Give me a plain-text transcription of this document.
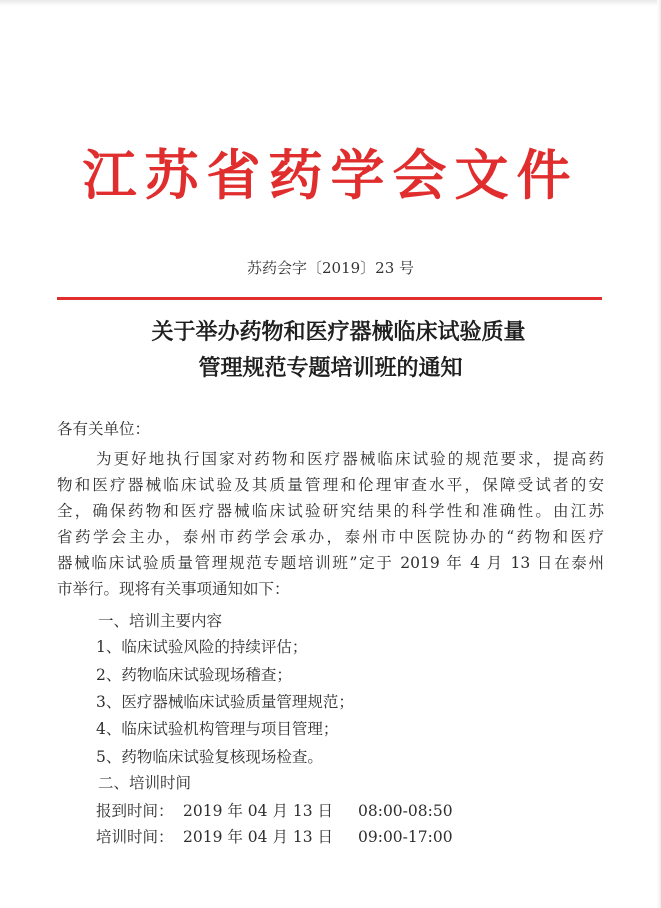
江苏省药学会文件
苏药会字〔2019〕23 号
关于举办药物和医疗器械临床试验质量
管理规范专题培训班的通知
各有关单位：
为更好地执行国家对药物和医疗器械临床试验的规范要求，提高药
物和医疗器械临床试验及其质量管理和伦理审查水平，保障受试者的安
全，确保药物和医疗器械临床试验研究结果的科学性和准确性。由江苏
省药学会主办，泰州市药学会承办，泰州市中医院协办的“药物和医疗
器械临床试验质量管理规范专题培训班”定于 2019 年 4 月 13 日在泰州
市举行。现将有关事项通知如下：
一、培训主要内容
1、临床试验风险的持续评估；
2、药物临床试验现场稽查；
3、医疗器械临床试验质量管理规范；
4、临床试验机构管理与项目管理；
5、药物临床试验复核现场检查。
二、培训时间
报到时间： 2019 年 04 月 13 日 08:00-08:50
培训时间： 2019 年 04 月 13 日 09:00-17:00
